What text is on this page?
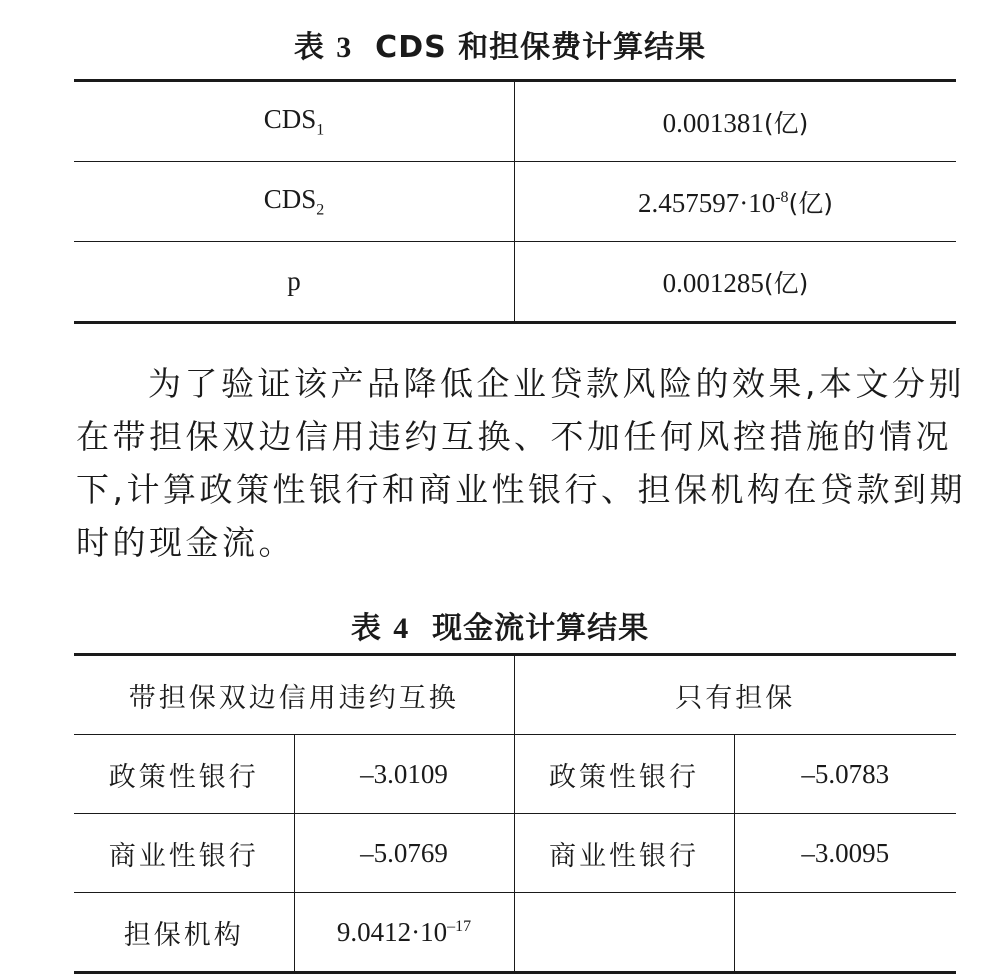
表 3 CDS 和担保费计算结果
$CDS_1$	0.001381(亿)
$CDS_2$	$2.457597\cdot 10^{-8}$(亿)
p	0.001285(亿)
为了验证该产品降低企业贷款风险的效果,本文分别
在带担保双边信用违约互换、不加任何风控措施的情况
下,计算政策性银行和商业性银行、担保机构在贷款到期
时的现金流。
表 4 现金流计算结果
带担保双边信用违约互换		只有担保	
政策性银行	–3.0109	政策性银行	–5.0783
商业性银行	–5.0769	商业性银行	–3.0095
担保机构	$9.0412\cdot 10^{-17}$		
